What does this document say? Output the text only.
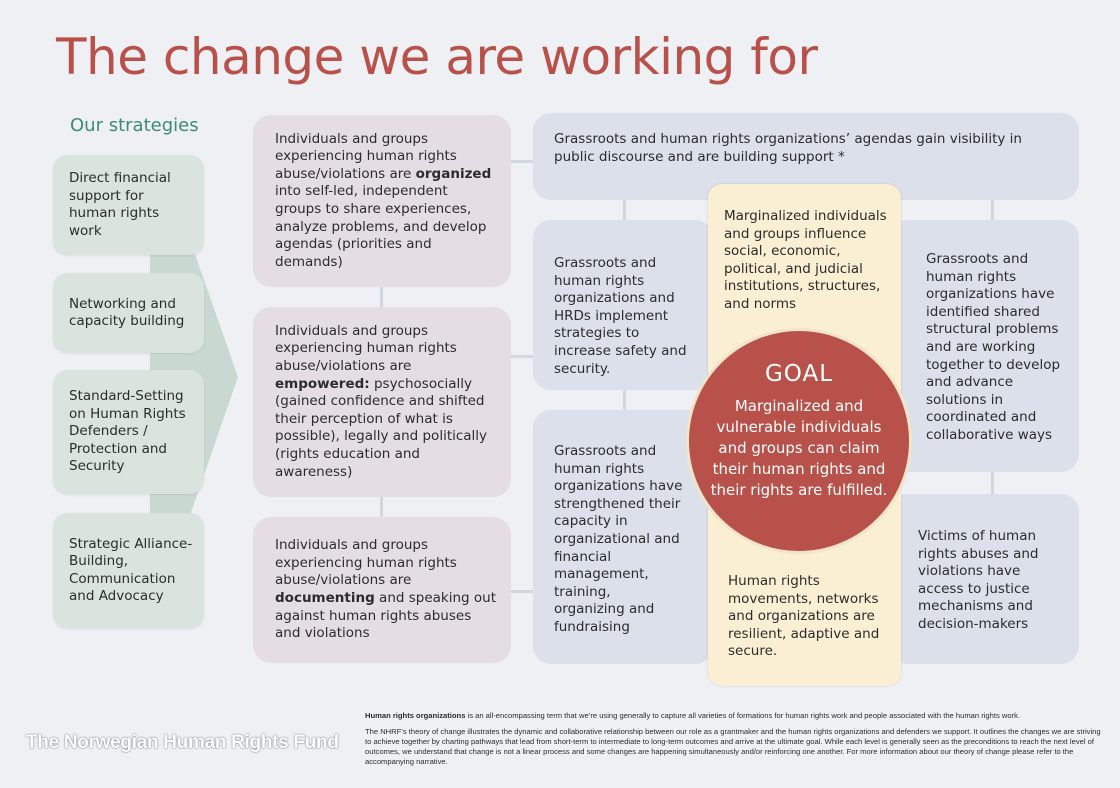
The change we are working for
Our strategies
Direct financial support for human rights work
Networking and capacity building
Standard-Setting on Human Rights Defenders / Protection and Security
Strategic Alliance-Building, Communication and Advocacy
Individuals and groups experiencing human rights abuse/violations are organized into self-led, independent groups to share experiences, analyze problems, and develop agendas (priorities and demands)
Individuals and groups experiencing human rights abuse/violations are empowered: psychosocially (gained confidence and shifted their perception of what is possible), legally and politically (rights education and awareness)
Individuals and groups experiencing human rights abuse/violations are documenting and speaking out against human rights abuses and violations
Grassroots and human rights organizations’ agendas gain visibility in public discourse and are building support *
Grassroots and human rights organizations and HRDs implement strategies to increase safety and security.
Grassroots and human rights organizations have strengthened their capacity in organizational and financial management, training, organizing and fundraising
Grassroots and human rights organizations have identified shared structural problems and are working together to develop and advance solutions in coordinated and collaborative ways
Victims of human rights abuses and violations have access to justice mechanisms and decision-makers
Marginalized individuals and groups influence social, economic, political, and judicial institutions, structures, and norms
Human rights movements, networks and organizations are resilient, adaptive and secure.
GOAL
Marginalized and vulnerable individuals and groups can claim their human rights and their rights are fulfilled.
The Norwegian Human Rights Fund
Human rights organizations is an all-encompassing term that we’re using generally to capture all varieties of formations for human rights work and people associated with the human rights work.
The NHRF’s theory of change illustrates the dynamic and collaborative relationship between our role as a grantmaker and the human rights organizations and defenders we support. It outlines the changes we are striving to achieve together by charting pathways that lead from short-term to intermediate to long-term outcomes and arrive at the ultimate goal. While each level is generally seen as the preconditions to reach the next level of outcomes, we understand that change is not a linear process and some changes are happening simultaneously and/or reinforcing one another. For more information about our theory of change please refer to the accompanying narrative.
